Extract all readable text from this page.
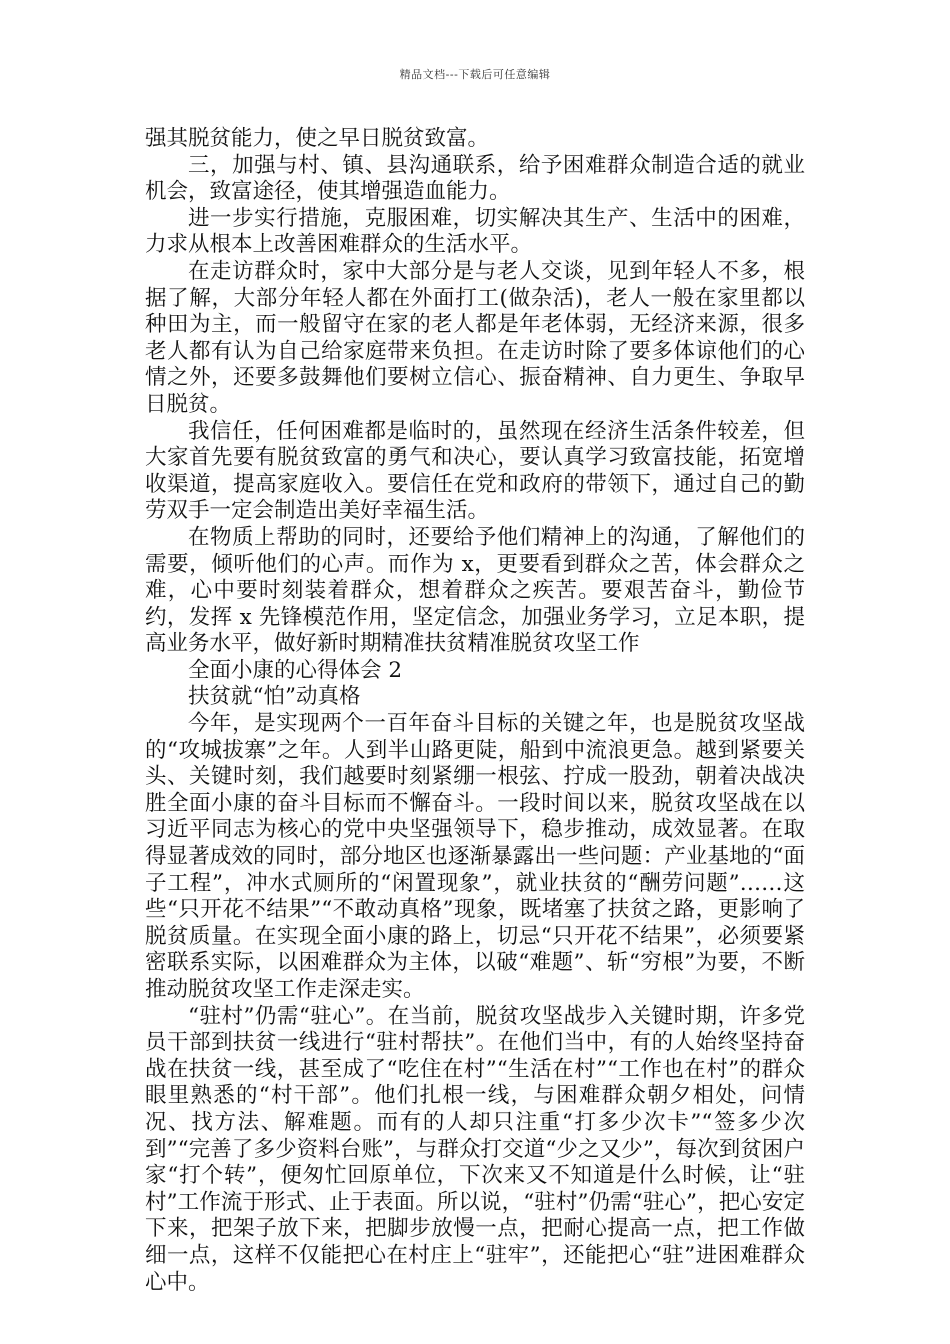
精品文档---下载后可任意编辑

强其脱贫能力，使之早日脱贫致富。

三，加强与村、镇、县沟通联系，给予困难群众制造合适的就业机会，致富途径，使其增强造血能力。

进一步实行措施，克服困难，切实解决其生产、生活中的困难，力求从根本上改善困难群众的生活水平。

在走访群众时，家中大部分是与老人交谈，见到年轻人不多，根据了解，大部分年轻人都在外面打工(做杂活)，老人一般在家里都以种田为主，而一般留守在家的老人都是年老体弱，无经济来源，很多老人都有认为自己给家庭带来负担。在走访时除了要多体谅他们的心情之外，还要多鼓舞他们要树立信心、振奋精神、自力更生、争取早日脱贫。

我信任，任何困难都是临时的，虽然现在经济生活条件较差，但大家首先要有脱贫致富的勇气和决心，要认真学习致富技能，拓宽增收渠道，提高家庭收入。要信任在党和政府的带领下，通过自己的勤劳双手一定会制造出美好幸福生活。

在物质上帮助的同时，还要给予他们精神上的沟通，了解他们的需要，倾听他们的心声。而作为 x，更要看到群众之苦，体会群众之难，心中要时刻装着群众，想着群众之疾苦。要艰苦奋斗，勤俭节约，发挥 x 先锋模范作用，坚定信念，加强业务学习，立足本职，提高业务水平，做好新时期精准扶贫精准脱贫攻坚工作

全面小康的心得体会 2

扶贫就“怕”动真格

今年，是实现两个一百年奋斗目标的关键之年，也是脱贫攻坚战的“攻城拔寨”之年。人到半山路更陡，船到中流浪更急。越到紧要关头、关键时刻，我们越要时刻紧绷一根弦、拧成一股劲，朝着决战决胜全面小康的奋斗目标而不懈奋斗。一段时间以来，脱贫攻坚战在以习近平同志为核心的党中央坚强领导下，稳步推动，成效显著。在取得显著成效的同时，部分地区也逐渐暴露出一些问题：产业基地的“面子工程”，冲水式厕所的“闲置现象”，就业扶贫的“酬劳问题”……这些“只开花不结果”“不敢动真格”现象，既堵塞了扶贫之路，更影响了脱贫质量。在实现全面小康的路上，切忌“只开花不结果”，必须要紧密联系实际，以困难群众为主体，以破“难题”、斩“穷根”为要，不断推动脱贫攻坚工作走深走实。

“驻村”仍需“驻心”。在当前，脱贫攻坚战步入关键时期，许多党员干部到扶贫一线进行“驻村帮扶”。在他们当中，有的人始终坚持奋战在扶贫一线，甚至成了“吃住在村”“生活在村”“工作也在村”的群众眼里熟悉的“村干部”。他们扎根一线，与困难群众朝夕相处，问情况、找方法、解难题。而有的人却只注重“打多少次卡”“签多少次到”“完善了多少资料台账”，与群众打交道“少之又少”，每次到贫困户家“打个转”，便匆忙回原单位，下次来又不知道是什么时候，让“驻村”工作流于形式、止于表面。所以说，“驻村”仍需“驻心”，把心安定下来，把架子放下来，把脚步放慢一点，把耐心提高一点，把工作做细一点，这样不仅能把心在村庄上“驻牢”，还能把心“驻”进困难群众心中。
